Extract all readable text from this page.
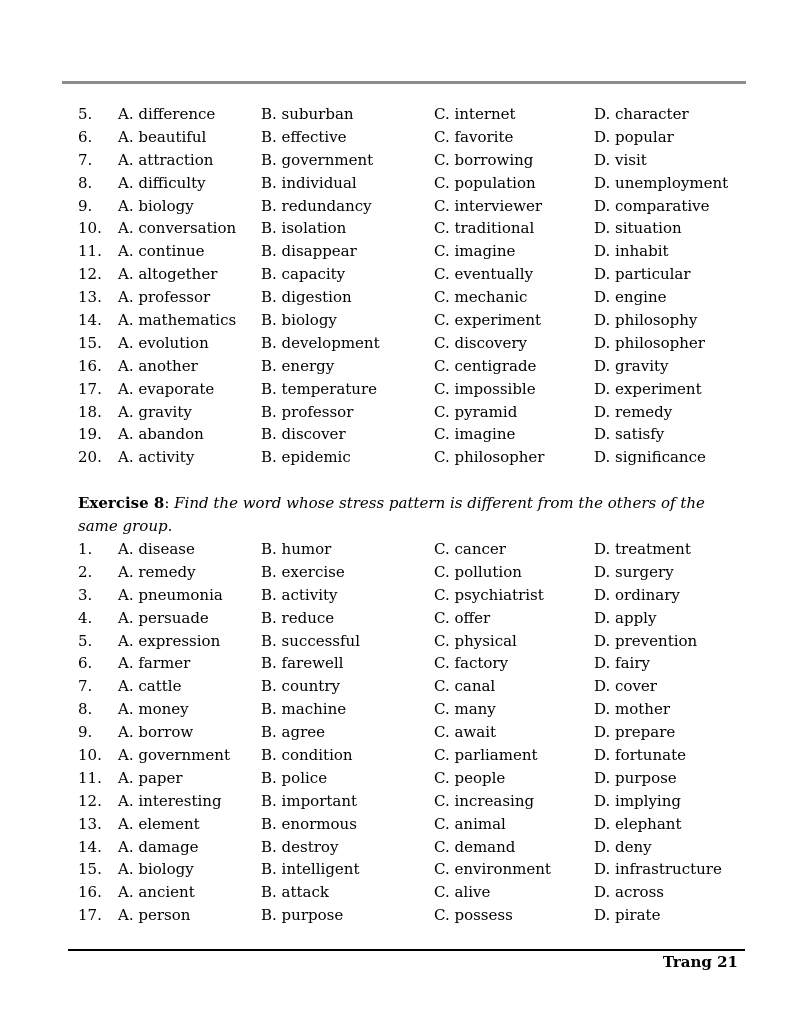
5. A. difference	B. suburban	C. internet	D. character
6. A. beautiful	B. effective	C. favorite	D. popular
7. A. attraction	B. government	C. borrowing	D. visit
8. A. difficulty	B. individual	C. population	D. unemployment
9. A. biology	B. redundancy	C. interviewer	D. comparative
10. A. conversation B. isolation	C. traditional	D. situation
11. A. continue	B. disappear	C. imagine	D. inhabit
12. A. altogether	B. capacity	C. eventually	D. particular
13. A. professor	B. digestion	C. mechanic	D. engine
14. A. mathematics B. biology	C. experiment	D. philosophy
15. A. evolution	B. development	C. discovery	D. philosopher
16. A. another	B. energy	C. centigrade	D. gravity
17. A. evaporate	B. temperature	C. impossible	D. experiment
18. A. gravity	B. professor	C. pyramid	D. remedy
19. A. abandon	B. discover	C. imagine	D. satisfy
20. A. activity	B. epidemic	C. philosopher	D. significance
Exercise 8: Find the word whose stress pattern is different from the others of the same group.
1. A. disease	B. humor	C. cancer	D. treatment
2. A. remedy	B. exercise	C. pollution	D. surgery
3. A. pneumonia	B. activity	C. psychiatrist	D. ordinary
4. A. persuade	B. reduce	C. offer	D. apply
5. A. expression	B. successful	C. physical	D. prevention
6. A. farmer	B. farewell	C. factory	D. fairy
7. A. cattle	B. country	C. canal	D. cover
8. A. money	B. machine	C. many	D. mother
9. A. borrow	B. agree	C. await	D. prepare
10. A. government B. condition	C. parliament	D. fortunate
11. A. paper	B. police	C. people	D. purpose
12. A. interesting	B. important	C. increasing	D. implying
13. A. element	B. enormous	C. animal	D. elephant
14. A. damage	B. destroy	C. demand	D. deny
15. A. biology	B. intelligent	C. environment	D. infrastructure
16. A. ancient	B. attack	C. alive	D. across
17. A. person	B. purpose	C. possess	D. pirate
Trang 21
